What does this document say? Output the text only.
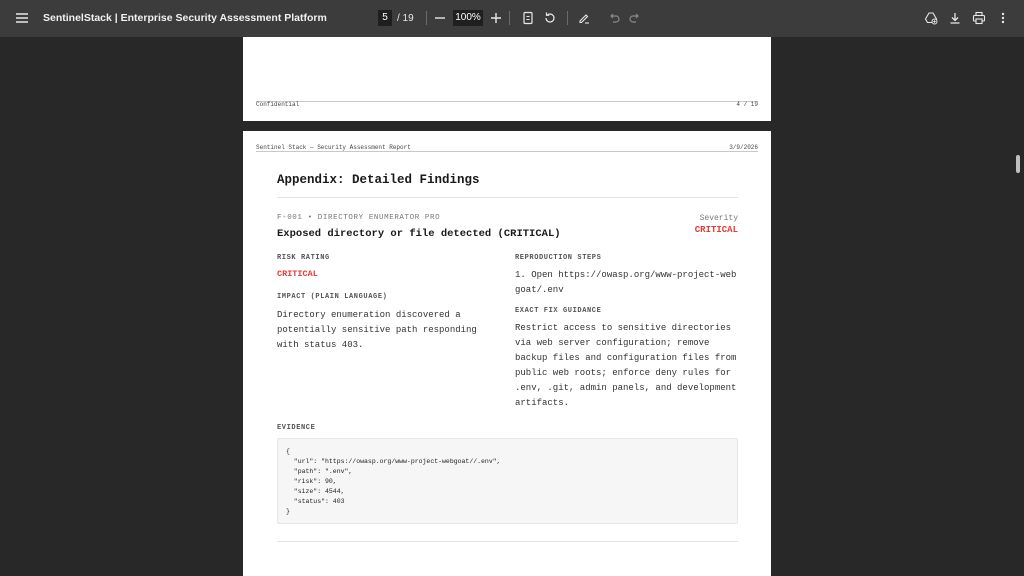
SentinelStack | Enterprise Security Assessment Platform	5 / 19	100%
Confidential	4 / 19
Sentinel Stack — Security Assessment Report	3/9/2026
Appendix: Detailed Findings
F-001 • DIRECTORY ENUMERATOR PRO
Exposed directory or file detected (CRITICAL)
Severity
CRITICAL
RISK RATING
CRITICAL
IMPACT (PLAIN LANGUAGE)
Directory enumeration discovered a potentially sensitive path responding with status 403.
REPRODUCTION STEPS
1. Open https://owasp.org/www-project-webgoat/.env
EXACT FIX GUIDANCE
Restrict access to sensitive directories via web server configuration; remove backup files and configuration files from public web roots; enforce deny rules for .env, .git, admin panels, and development artifacts.
EVIDENCE
{
"url": "https://owasp.org/www-project-webgoat//.env",
"path": ".env",
"risk": 90,
"size": 4544,
"status": 403
}
